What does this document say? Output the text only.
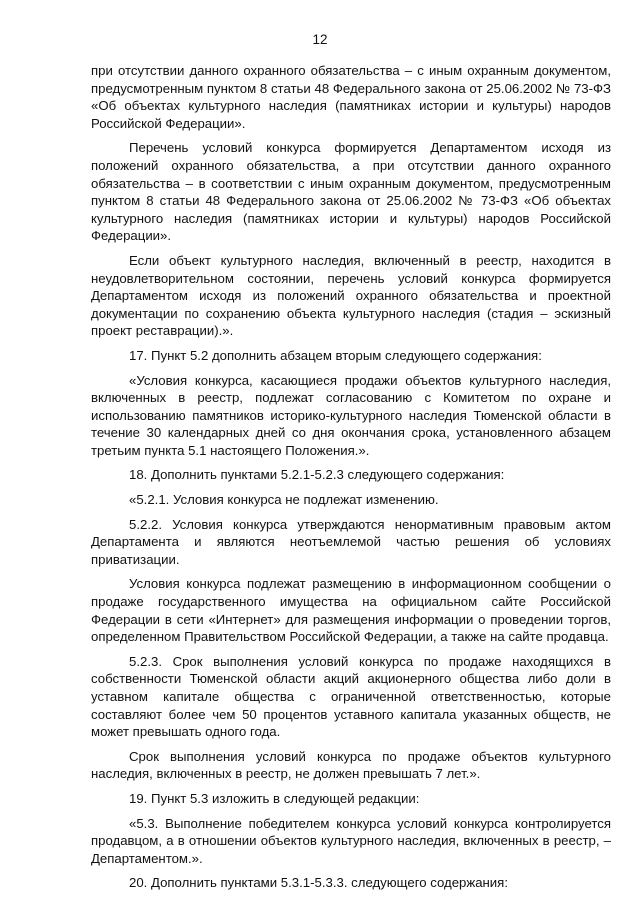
12

при отсутствии данного охранного обязательства – с иным охранным документом, предусмотренным пунктом 8 статьи 48 Федерального закона от 25.06.2002 № 73-ФЗ «Об объектах культурного наследия (памятниках истории и культуры) народов Российской Федерации».

Перечень условий конкурса формируется Департаментом исходя из положений охранного обязательства, а при отсутствии данного охранного обязательства – в соответствии с иным охранным документом, предусмотренным пунктом 8 статьи 48 Федерального закона от 25.06.2002 № 73-ФЗ «Об объектах культурного наследия (памятниках истории и культуры) народов Российской Федерации».

Если объект культурного наследия, включенный в реестр, находится в неудовлетворительном состоянии, перечень условий конкурса формируется Департаментом исходя из положений охранного обязательства и проектной документации по сохранению объекта культурного наследия (стадия – эскизный проект реставрации).».

17. Пункт 5.2 дополнить абзацем вторым следующего содержания:

«Условия конкурса, касающиеся продажи объектов культурного наследия, включенных в реестр, подлежат согласованию с Комитетом по охране и использованию памятников историко-культурного наследия Тюменской области в течение 30 календарных дней со дня окончания срока, установленного абзацем третьим пункта 5.1 настоящего Положения.».

18. Дополнить пунктами 5.2.1-5.2.3 следующего содержания:

«5.2.1. Условия конкурса не подлежат изменению.

5.2.2. Условия конкурса утверждаются ненормативным правовым актом Департамента и являются неотъемлемой частью решения об условиях приватизации.

Условия конкурса подлежат размещению в информационном сообщении о продаже государственного имущества на официальном сайте Российской Федерации в сети «Интернет» для размещения информации о проведении торгов, определенном Правительством Российской Федерации, а также на сайте продавца.

5.2.3. Срок выполнения условий конкурса по продаже находящихся в собственности Тюменской области акций акционерного общества либо доли в уставном капитале общества с ограниченной ответственностью, которые составляют более чем 50 процентов уставного капитала указанных обществ, не может превышать одного года.

Срок выполнения условий конкурса по продаже объектов культурного наследия, включенных в реестр, не должен превышать 7 лет.».

19. Пункт 5.3 изложить в следующей редакции:

«5.3. Выполнение победителем конкурса условий конкурса контролируется продавцом, а в отношении объектов культурного наследия, включенных в реестр, – Департаментом.».

20. Дополнить пунктами 5.3.1-5.3.3. следующего содержания:
